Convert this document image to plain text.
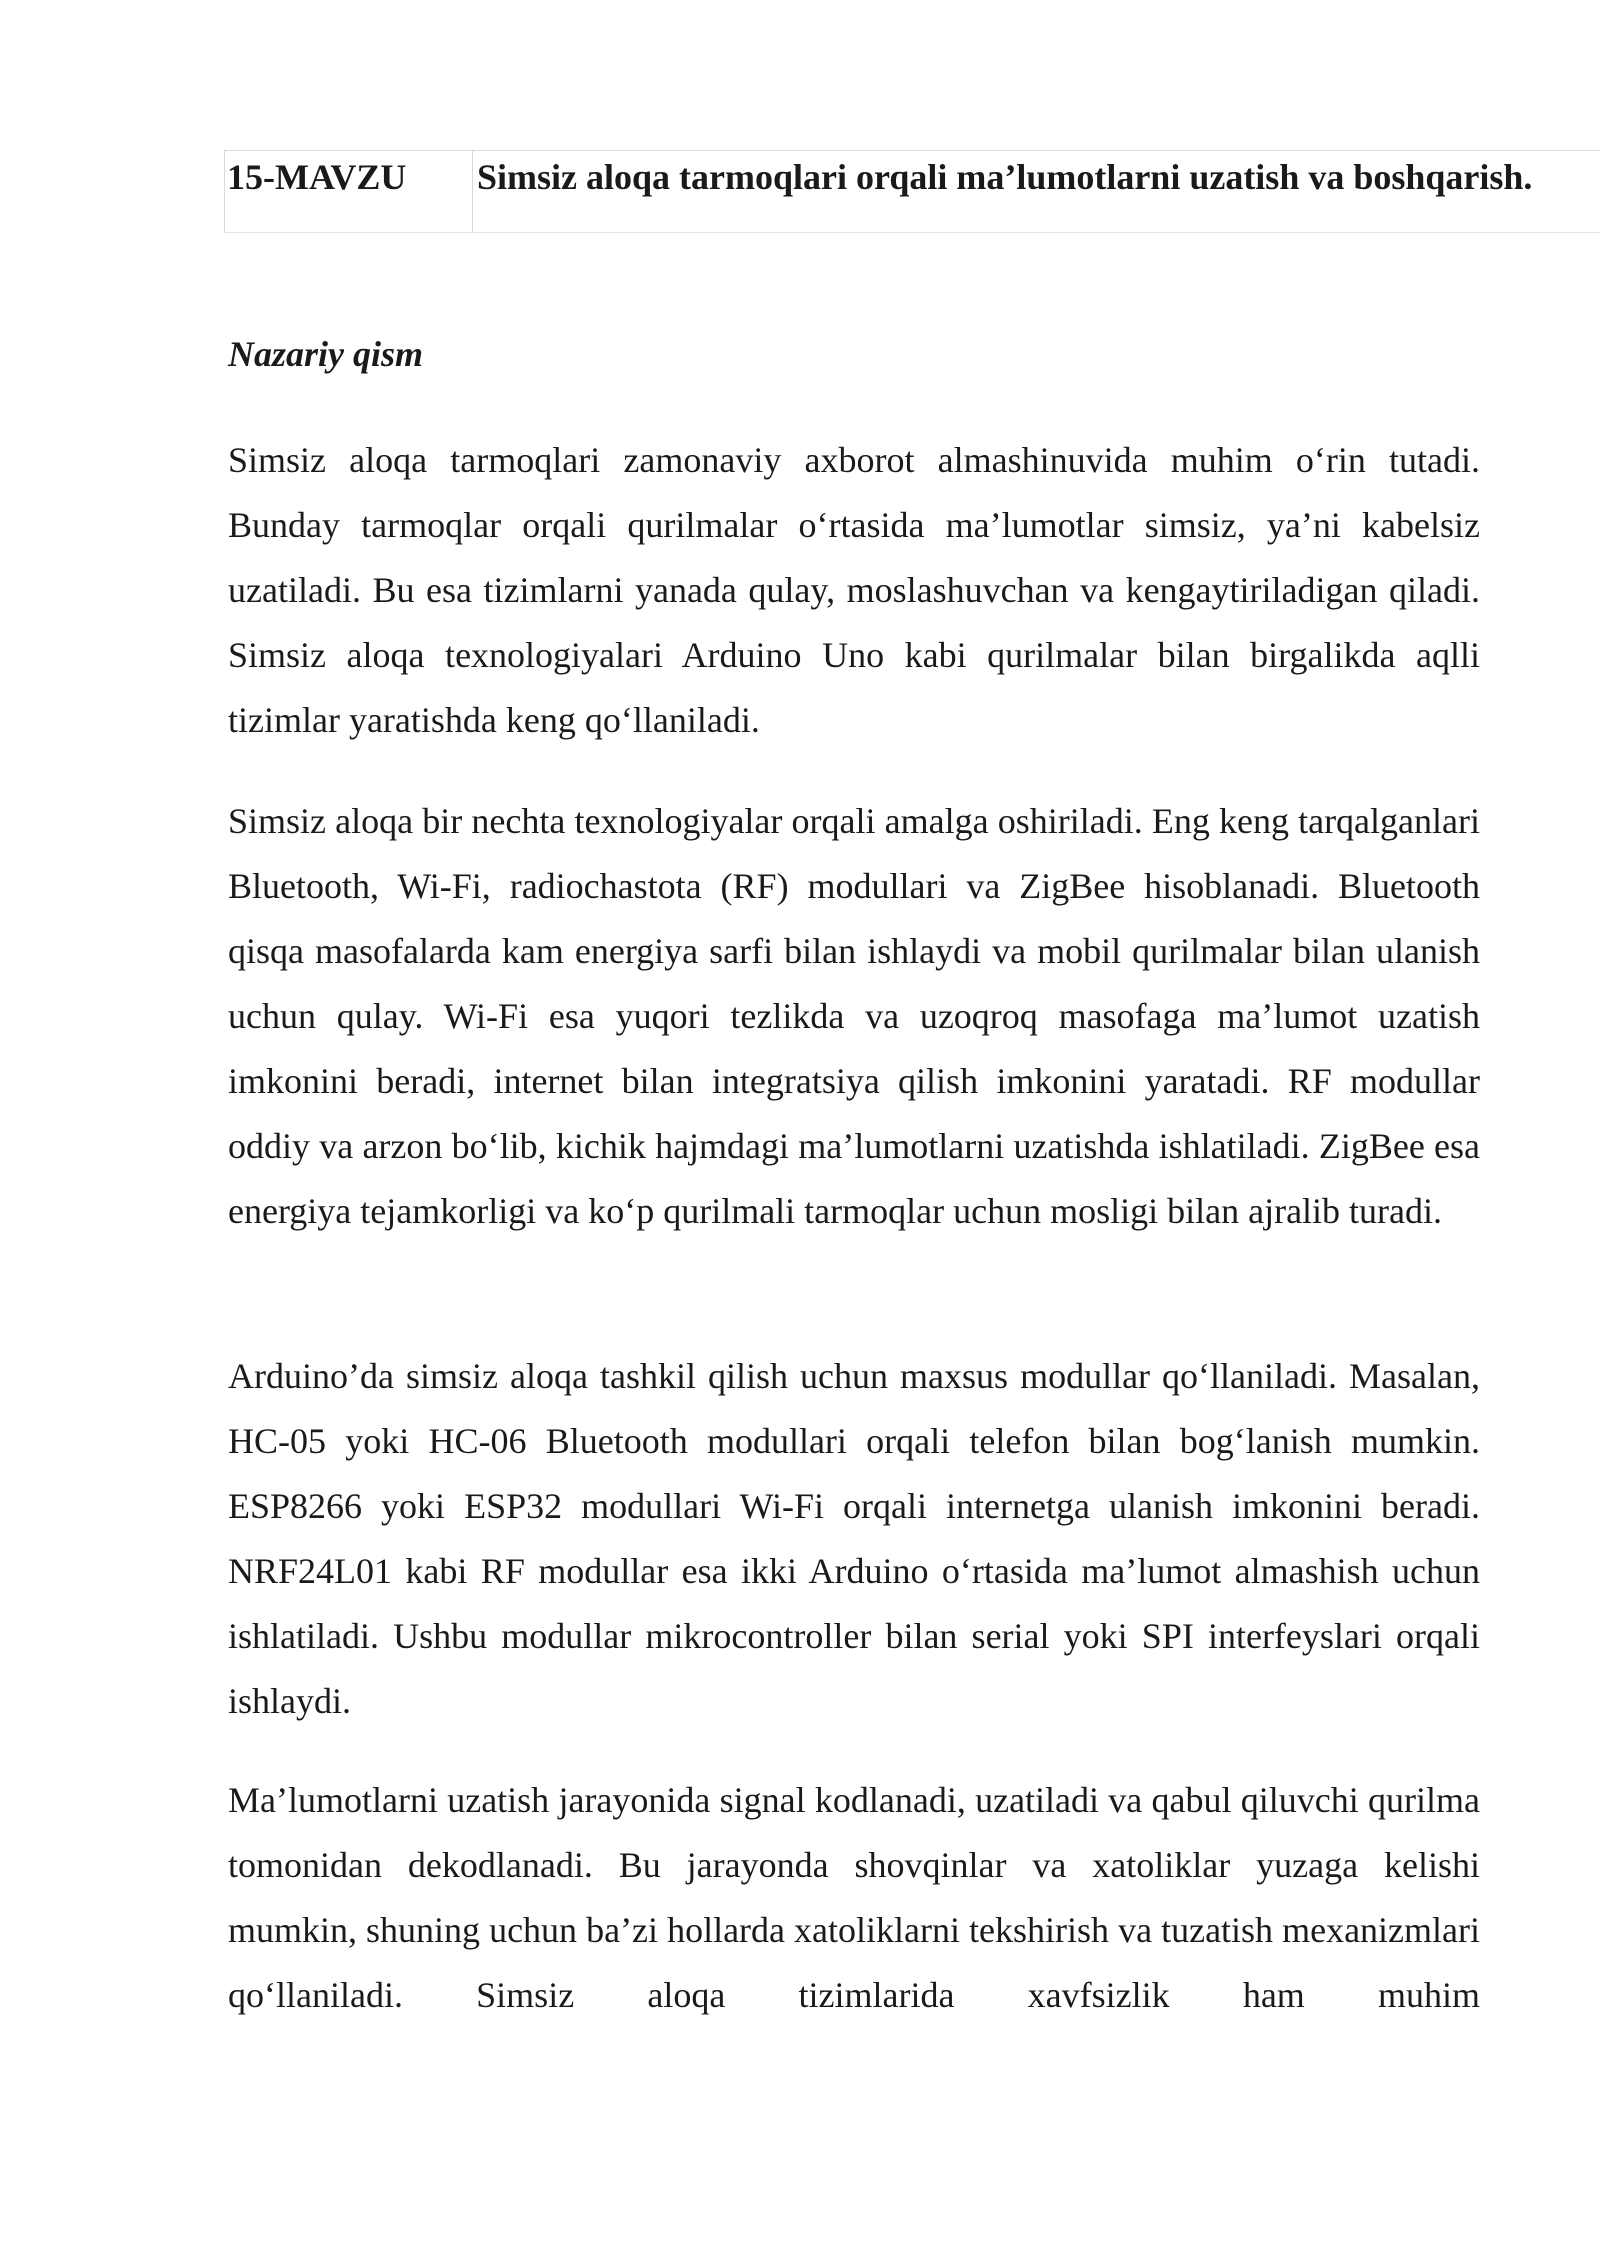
15-MAVZU	Simsiz aloqa tarmoqlari orqali ma’lumotlarni uzatish va boshqarish.
Nazariy qism

Simsiz aloqa tarmoqlari zamonaviy axborot almashinuvida muhim o‘rin tutadi. Bunday tarmoqlar orqali qurilmalar o‘rtasida ma’lumotlar simsiz, ya’ni kabelsiz uzatiladi. Bu esa tizimlarni yanada qulay, moslashuvchan va kengaytiriladigan qiladi. Simsiz aloqa texnologiyalari Arduino Uno kabi qurilmalar bilan birgalikda aqlli tizimlar yaratishda keng qo‘llaniladi.

Simsiz aloqa bir nechta texnologiyalar orqali amalga oshiriladi. Eng keng tarqalganlari Bluetooth, Wi-Fi, radiochastota (RF) modullari va ZigBee hisoblanadi. Bluetooth qisqa masofalarda kam energiya sarfi bilan ishlaydi va mobil qurilmalar bilan ulanish uchun qulay. Wi-Fi esa yuqori tezlikda va uzoqroq masofaga ma’lumot uzatish imkonini beradi, internet bilan integratsiya qilish imkonini yaratadi. RF modullar oddiy va arzon bo‘lib, kichik hajmdagi ma’lumotlarni uzatishda ishlatiladi. ZigBee esa energiya tejamkorligi va ko‘p qurilmali tarmoqlar uchun mosligi bilan ajralib turadi.

Arduino’da simsiz aloqa tashkil qilish uchun maxsus modullar qo‘llaniladi. Masalan, HC-05 yoki HC-06 Bluetooth modullari orqali telefon bilan bog‘lanish mumkin. ESP8266 yoki ESP32 modullari Wi-Fi orqali internetga ulanish imkonini beradi. NRF24L01 kabi RF modullar esa ikki Arduino o‘rtasida ma’lumot almashish uchun ishlatiladi. Ushbu modullar mikrocontroller bilan serial yoki SPI interfeyslari orqali ishlaydi.

Ma’lumotlarni uzatish jarayonida signal kodlanadi, uzatiladi va qabul qiluvchi qurilma tomonidan dekodlanadi. Bu jarayonda shovqinlar va xatoliklar yuzaga kelishi mumkin, shuning uchun ba’zi hollarda xatoliklarni tekshirish va tuzatish mexanizmlari qo‘llaniladi. Simsiz aloqa tizimlarida xavfsizlik ham muhim
